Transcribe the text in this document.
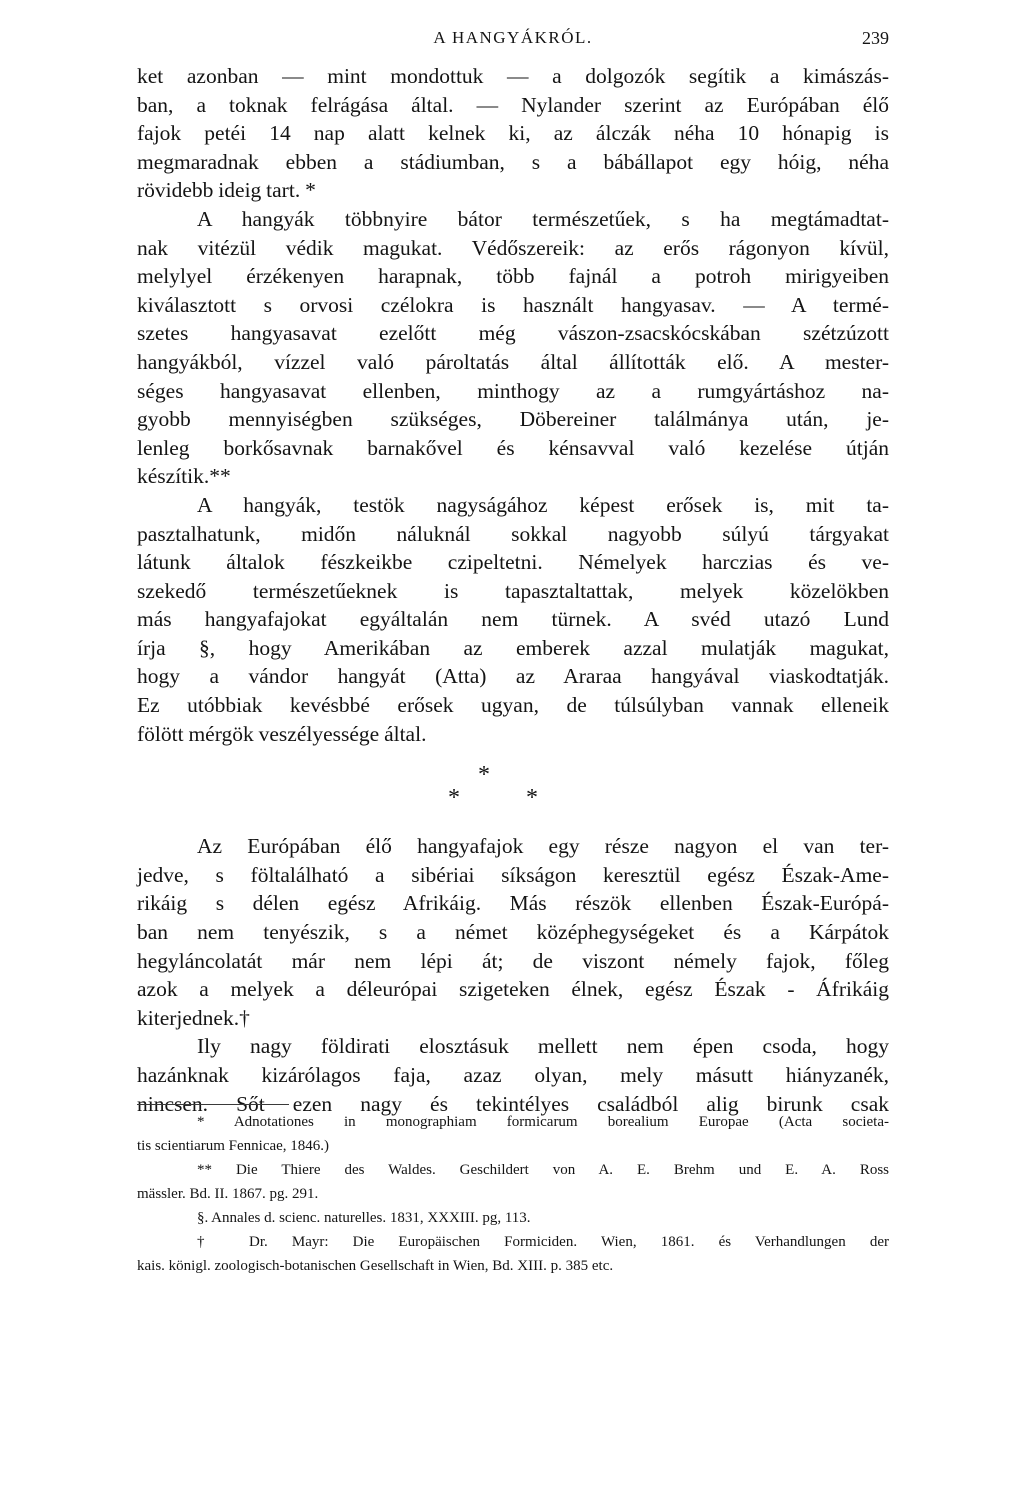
A HANGYÁKRÓL.	239
ket azonban — mint mondottuk — a dolgozók segítik a kimászás-
ban, a toknak felrágása által. — Nylander szerint az Európában élő
fajok petéi 14 nap alatt kelnek ki, az álczák néha 10 hónapig is
megmaradnak ebben a stádiumban, s a bábállapot egy hóig, néha
rövidebb ideig tart. *
A hangyák többnyire bátor természetűek, s ha megtámadtat-
nak vitézül védik magukat. Védőszereik: az erős rágonyon kívül,
melylyel érzékenyen harapnak, több fajnál a potroh mirigyeiben
kiválasztott s orvosi czélokra is használt hangyasav. — A termé-
szetes hangyasavat ezelőtt még vászon-zsacskócskában szétzúzott
hangyákból, vízzel való pároltatás által állították elő. A mester-
séges hangyasavat ellenben, minthogy az a rumgyártáshoz na-
gyobb mennyiségben szükséges, Döbereiner találmánya után, je-
lenleg borkősavnak barnakővel és kénsavval való kezelése útján
készítik.**
A hangyák, testök nagyságához képest erősek is, mit ta-
pasztalhatunk, midőn náluknál sokkal nagyobb súlyú tárgyakat
látunk általok fészkeikbe czipeltetni. Némelyek harczias és ve-
szekedő természetűeknek is tapasztaltattak, melyek közelökben
más hangyafajokat egyáltalán nem türnek. A svéd utazó Lund
írja §, hogy Amerikában az emberek azzal mulatják magukat,
hogy a vándor hangyát (Atta) az Araraa hangyával viaskodtatják.
Ez utóbbiak kevésbbé erősek ugyan, de túlsúlyban vannak elleneik
fölött mérgök veszélyessége által.
*
*	*
Az Európában élő hangyafajok egy része nagyon el van ter-
jedve, s föltalálható a sibériai síkságon keresztül egész Észak-Ame-
rikáig s délen egész Afrikáig. Más részök ellenben Észak-Európá-
ban nem tenyészik, s a német középhegységeket és a Kárpátok
hegyláncolatát már nem lépi át; de viszont némely fajok, főleg
azok a melyek a déleurópai szigeteken élnek, egész Észak - Áfrikáig
kiterjednek.†
Ily nagy földirati elosztásuk mellett nem épen csoda, hogy
hazánknak kizárólagos faja, azaz olyan, mely másutt hiányzanék,
nincsen. Sőt ezen nagy és tekintélyes családból alig birunk csak
* Adnotationes in monographiam formicarum borealium Europae (Acta societa-
tis scientiarum Fennicae, 1846.)
** Die Thiere des Waldes. Geschildert von A. E. Brehm und E. A. Ross
mässler. Bd. II. 1867. pg. 291.
§. Annales d. scienc. naturelles. 1831, XXXIII. pg, 113.
† Dr. Mayr: Die Europäischen Formiciden. Wien, 1861. és Verhandlungen der
kais. königl. zoologisch-botanischen Gesellschaft in Wien, Bd. XIII. p. 385 etc.
